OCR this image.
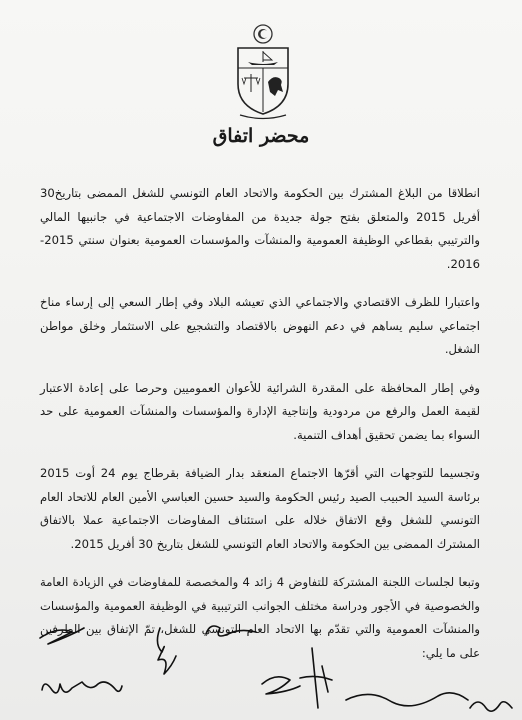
محضر اتفاق

انطلاقا من البلاغ المشترك بين الحكومة والاتحاد العام التونسي للشغل الممضى بتاريخ30 أفريل 2015 والمتعلق بفتح جولة جديدة من المفاوضات الاجتماعية في جانبيها المالي والترتيبي بقطاعي الوظيفة العمومية والمنشآت والمؤسسات العمومية بعنوان سنتي 2015-2016.

واعتبارا للظرف الاقتصادي والاجتماعي الذي تعيشه البلاد وفي إطار السعي إلى إرساء مناخ اجتماعي سليم يساهم في دعم النهوض بالاقتصاد والتشجيع على الاستثمار وخلق مواطن الشغل.

وفي إطار المحافظة على المقدرة الشرائية للأعوان العموميين وحرصا على إعادة الاعتبار لقيمة العمل والرفع من مردودية وإنتاجية الإدارة والمؤسسات والمنشآت العمومية على حد السواء بما يضمن تحقيق أهداف التنمية.

وتجسيما للتوجهات التي أقرّها الاجتماع المنعقد بدار الضيافة بقرطاج يوم 24 أوت 2015 برئاسة السيد الحبيب الصيد رئيس الحكومة والسيد حسين العباسي الأمين العام للاتحاد العام التونسي للشغل وقع الاتفاق خلاله على استئناف المفاوضات الاجتماعية عملا بالاتفاق المشترك الممضى بين الحكومة والاتحاد العام التونسي للشغل بتاريخ 30 أفريل 2015.

وتبعا لجلسات اللجنة المشتركة للتفاوض 4 زائد 4 والمخصصة للمفاوضات في الزيادة العامة والخصوصية في الأجور ودراسة مختلف الجوانب الترتيبية في الوظيفة العمومية والمؤسسات والمنشآت العمومية والتي تقدّم بها الاتحاد العام التونسي للشغل، تمّ الإتفاق بين الطرفين على ما يلي:
